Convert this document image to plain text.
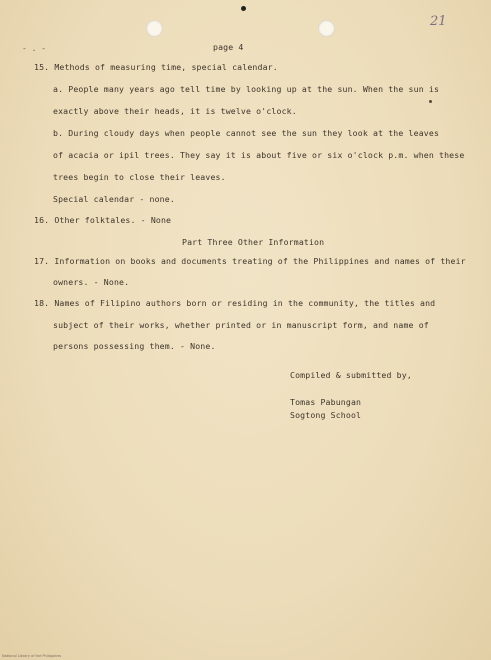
- . -
21
page 4
15. Methods of measuring time, special calendar.
a. People many years ago tell time by looking up at the sun. When the sun is
exactly above their heads, it is twelve o'clock.
b. During cloudy days when people cannot see the sun they look at the leaves
of acacia or ipil trees. They say it is about five or six o'clock p.m. when these
trees begin to close their leaves.
Special calendar - none.
16. Other folktales. - None
Part Three Other Information
17. Information on books and documents treating of the Philippines and names of their
owners. - None.
18. Names of Filipino authors born or residing in the community, the titles and
subject of their works, whether printed or in manuscript form, and name of
persons possessing them. - None.
Compiled & submitted by,
Tomas Pabungan
Sogtong School
National Library of the Philippines
